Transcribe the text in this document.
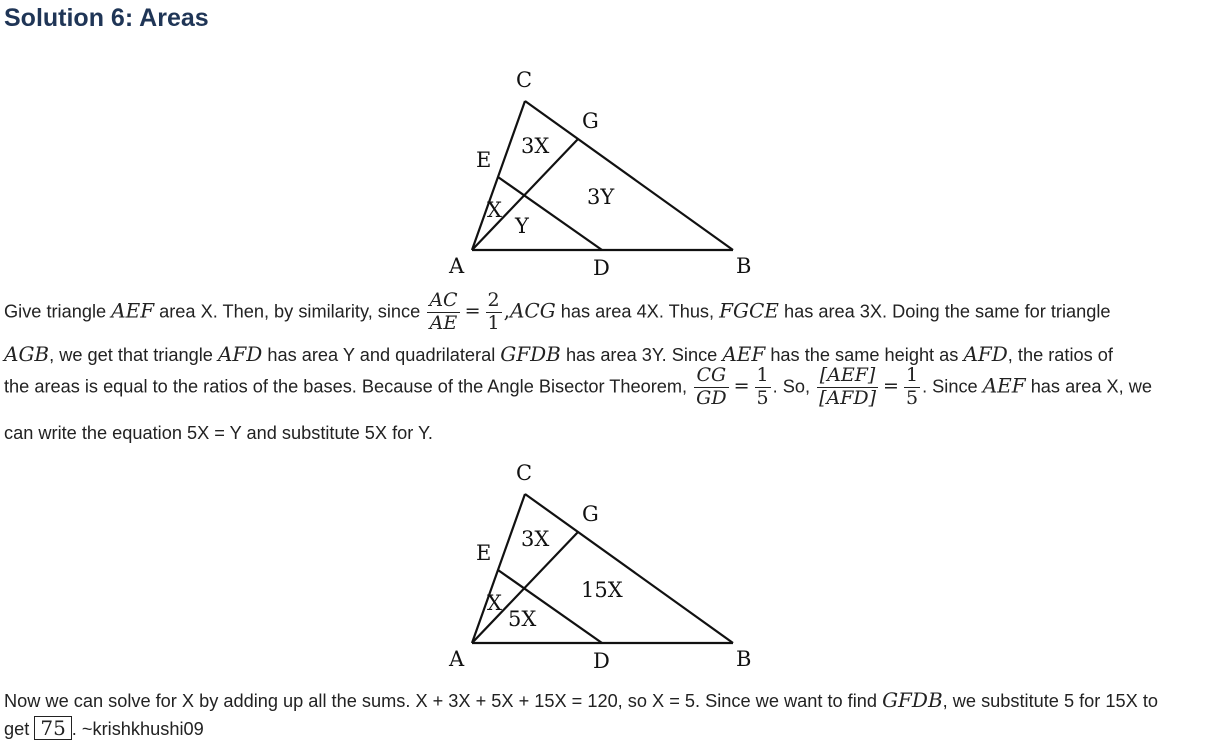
Solution 6: Areas
C
G
E
A	D	B
3X
X
Y
3Y
Give triangle AEF area X. Then, by similarity, since $\frac{AC}{AE} = \frac{2}{1} ,ACG$ has area 4X. Thus, FGCE has area 3X. Doing the same for triangle
AGB, we get that triangle AFD has area Y and quadrilateral GFDB has area 3Y. Since AEF has the same height as AFD, the ratios of
the areas is equal to the ratios of the bases. Because of the Angle Bisector Theorem, $\frac{CG}{GD} = \frac{1}{5}$ . So, $\frac{\text{[AEF]}}{\text{[AFD]}} = \frac{1}{5}$ . Since AEF has area X, we
can write the equation 5X = Y and substitute 5X for Y.
C
G
E
A	D	B
3X
X
5X
15X
Now we can solve for X by adding up all the sums. X + 3X + 5X + 15X = 120, so X = 5. Since we want to find GFDB, we substitute 5 for 15X to
get 75 . ~krishkhushi09
